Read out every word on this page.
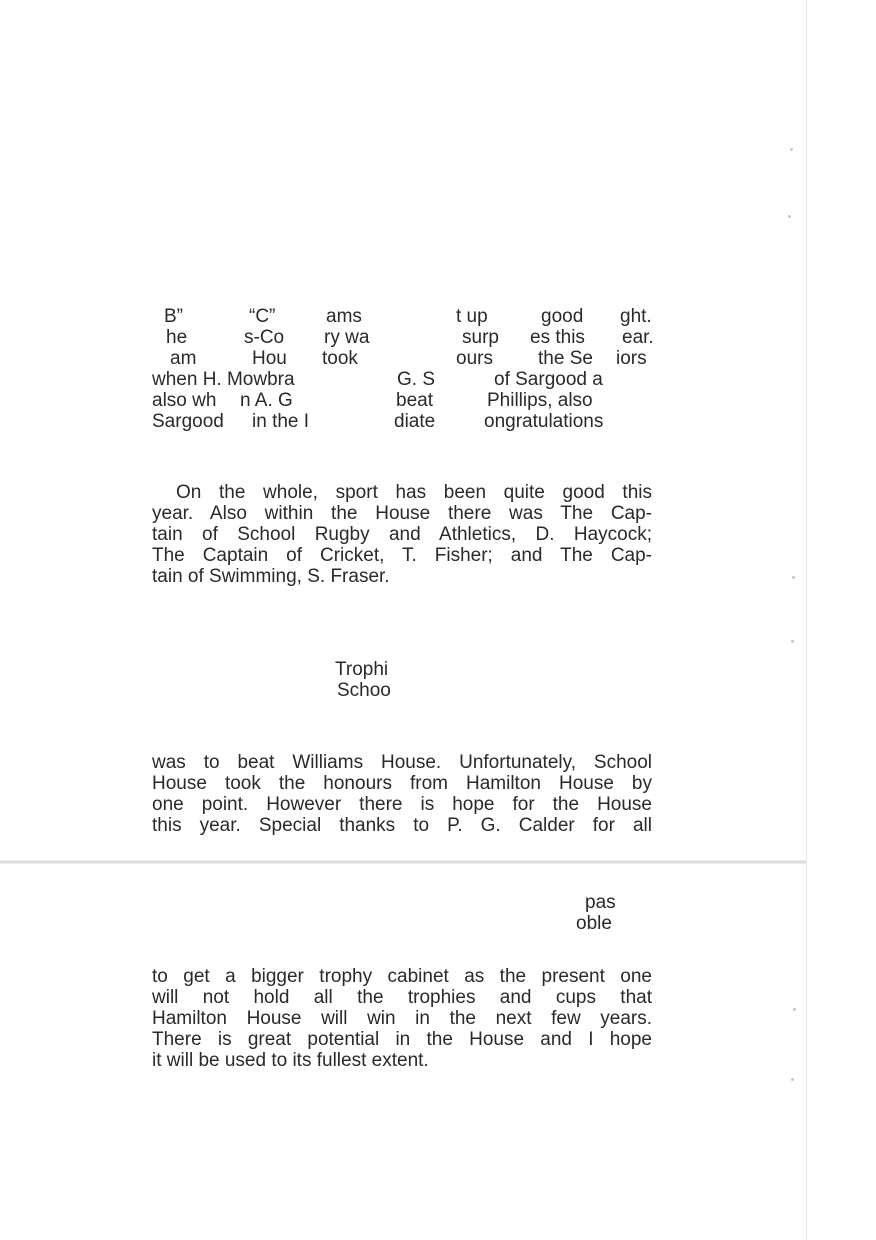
B”	“C”	ams	t up	good ght.
he	s-Co ry wa	surp es this ear.
am	Hou took	ours the Se iors
when H. Mowbra	G. S	of Sargood a
also wh n A. G	beat	Phillips, also
Sargood in the I	diate	ongratulations
On the whole, sport has been quite good this
year. Also within the House there was The Cap-
tain of School Rugby and Athletics, D. Haycock;
The Captain of Cricket, T. Fisher; and The Cap-
tain of Swimming, S. Fraser.
Trophi
Schoo
was to beat Williams House. Unfortunately, School
House took the honours from Hamilton House by
one point. However there is hope for the House
this year. Special thanks to P. G. Calder for all
pas
oble
to get a bigger trophy cabinet as the present one
will not hold all the trophies and cups that
Hamilton House will win in the next few years.
There is great potential in the House and I hope
it will be used to its fullest extent.
